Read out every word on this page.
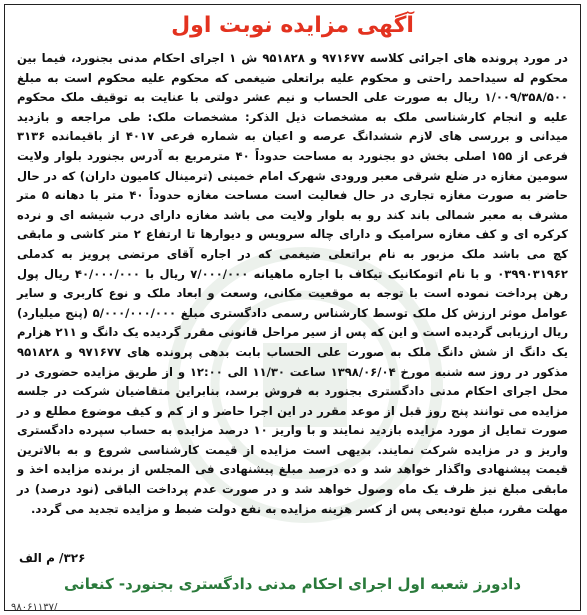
آگهی مزایده نوبت اول
در مورد پرونده های اجرائی کلاسه ۹۷۱۶۷۷ و ۹۵۱۸۲۸ ش ۱ اجرای احکام مدنی بجنورد، فیما بین محکوم له سیداحمد راحتی و محکوم علیه براتعلی ضیغمی که محکوم علیه محکوم است به مبلغ ۱/۰۰۹/۳۵۸/۵۰۰ ریال به صورت علی الحساب و نیم عشر دولتی با عنایت به توقیف ملک محکوم علیه و انجام کارشناسی ملک به مشخصات ذیل الذکر: مشخصات ملک: طی مراجعه و بازدید میدانی و بررسی های لازم ششدانگ عرصه و اعیان به شماره فرعی ۴۰۱۷ از باقیمانده ۳۱۳۶ فرعی از ۱۵۵ اصلی بخش دو بجنورد به مساحت حدوداً ۴۰ مترمربع به آدرس بجنورد بلوار ولایت سومین مغازه در ضلع شرقی معبر ورودی شهرک امام خمینی (ترمینال کامیون داران) که در حال حاضر به صورت مغازه تجاری در حال فعالیت است مساحت مغازه حدوداً ۴۰ متر با دهانه ۵ متر مشرف به معبر شمالی باند کند رو به بلوار ولایت می باشد مغازه دارای درب شیشه ای و نرده کرکره ای و کف مغازه سرامیک و دارای چاله سرویس و دیوارها تا ارتفاع ۲ متر کاشی و مابقی کچ می باشد ملک مزبور به نام براتعلی ضیغمی که در اجاره آقای مرتضی پرویز به کدملی ۰۳۹۹۰۳۱۹۶۲ و با نام اتومکانیک تیکاف با اجاره ماهیانه ۷/۰۰۰/۰۰۰ ریال با ۴۰/۰۰۰/۰۰۰ ریال پول رهن پرداخت نموده است با توجه به موقعیت مکانی، وسعت و ابعاد ملک و نوع کاربری و سایر عوامل موثر ارزش کل ملک توسط کارشناس رسمی دادگستری مبلغ ۵/۰۰۰/۰۰۰/۰۰۰ (پنج میلیارد) ریال ارزیابی گردیده است و این که پس از سیر مراحل قانونی مقرر گردیده یک دانگ و ۲۱۱ هزارم یک دانگ از شش دانگ ملک به صورت علی الحساب بابت بدهی پرونده های ۹۷۱۶۷۷ و ۹۵۱۸۲۸ مذکور در روز سه شنبه مورخ ۱۳۹۸/۰۶/۰۴ ساعت ۱۱/۳۰ الی ۱۲:۰۰ و از طریق مزایده حضوری در محل اجرای احکام مدنی دادگستری بجنورد به فروش برسد، بنابراین متقاضیان شرکت در جلسه مزایده می توانند پنج روز قبل از موعد مقرر در این اجرا حاضر و از کم و کیف موضوع مطلع و در صورت تمایل از مورد مزایده بازدید نمایند و با واریز ۱۰ درصد مزایده به حساب سپرده دادگستری واریز و در مزایده شرکت نمایند. بدیهی است مزایده از قیمت کارشناسی شروع و به بالاترین قیمت پیشنهادی واگذار خواهد شد و ده درصد مبلغ پیشنهادی فی المجلس از برنده مزایده اخذ و مابقی مبلغ نیز ظرف یک ماه وصول خواهد شد و در صورت عدم پرداخت الباقی (نود درصد) در مهلت مقرر، مبلغ تودیعی پس از کسر هزینه مزایده به نفع دولت ضبط و مزایده تجدید می گردد.
۳۲۶/ م الف
دادورز شعبه اول اجرای احکام مدنی دادگستری بجنورد- کنعانی
۹۸۰۶۱۱۳۷/
